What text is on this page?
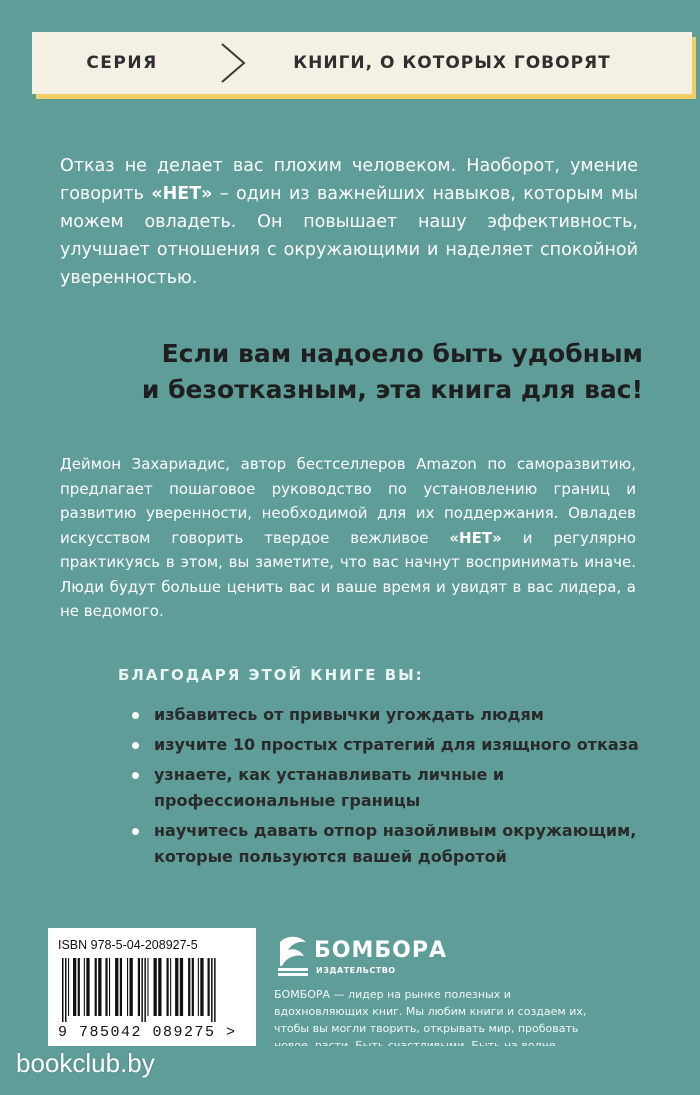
СЕРИЯ	КНИГИ, О КОТОРЫХ ГОВОРЯТ
Отказ не делает вас плохим человеком. Наоборот, умение говорить «НЕТ» – один из важнейших навыков, которым мы можем овладеть. Он повышает нашу эффективность, улучшает отношения с окружающими и наделяет спокойной уверенностью.
Если вам надоело быть удобным
и безотказным, эта книга для вас!
Деймон Захариадис, автор бестселлеров Amazon по саморазвитию, предлагает пошаговое руководство по установлению границ и развитию уверенности, необходимой для их поддержания. Овладев искусством говорить твердое вежливое «НЕТ» и регулярно практикуясь в этом, вы заметите, что вас начнут воспринимать иначе. Люди будут больше ценить вас и ваше время и увидят в вас лидера, а не ведомого.
БЛАГОДАРЯ ЭТОЙ КНИГЕ ВЫ:
избавитесь от привычки угождать людям
изучите 10 простых стратегий для изящного отказа
узнаете, как устанавливать личные и профессиональные границы
научитесь давать отпор назойливым окружающим, которые пользуются вашей добротой
ISBN 978-5-04-208927-5
9 785042 089275 >
БОМБОРА
ИЗДАТЕЛЬСТВО
БОМБОРА — лидер на рынке полезных и вдохновляющих книг. Мы любим книги и создаем их, чтобы вы могли творить, открывать мир, пробовать
bookclub.by
